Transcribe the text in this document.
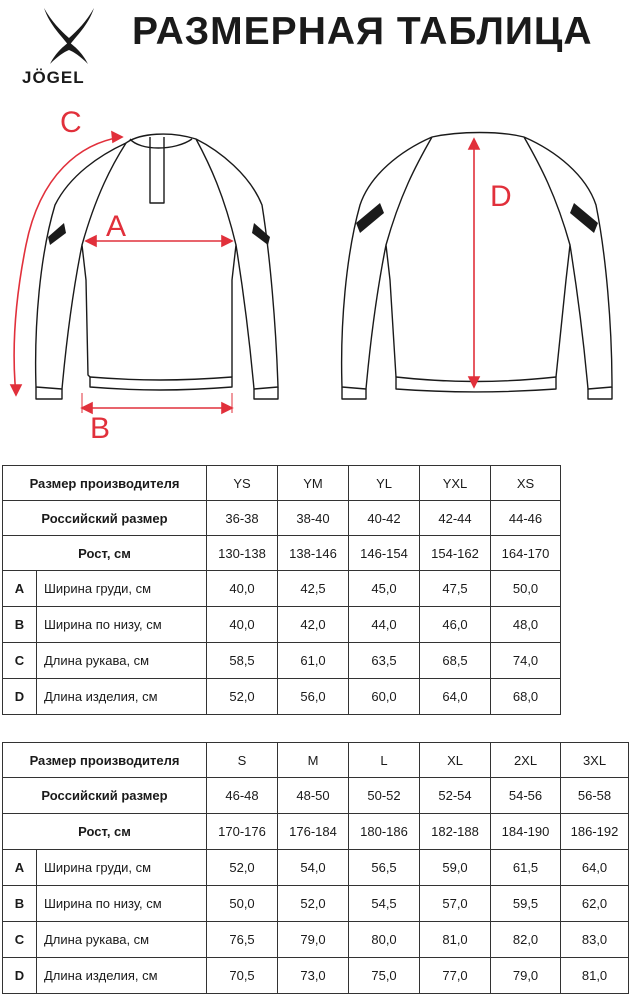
JÖGEL
РАЗМЕРНАЯ ТАБЛИЦА
A
B
C
D
Размер производителя		YS	YM	YL	YXL	XS
Российский размер		36-38	38-40	40-42	42-44	44-46
Рост, см		130-138	138-146	146-154	154-162	164-170
A	Ширина груди, см	40,0	42,5	45,0	47,5	50,0
B	Ширина по низу, см	40,0	42,0	44,0	46,0	48,0
C	Длина рукава, см	58,5	61,0	63,5	68,5	74,0
D	Длина изделия, см	52,0	56,0	60,0	64,0	68,0
Размер производителя		S	M	L	XL	2XL	3XL
Российский размер		46-48	48-50	50-52	52-54	54-56	56-58
Рост, см		170-176	176-184	180-186	182-188	184-190	186-192
A	Ширина груди, см	52,0	54,0	56,5	59,0	61,5	64,0
B	Ширина по низу, см	50,0	52,0	54,5	57,0	59,5	62,0
C	Длина рукава, см	76,5	79,0	80,0	81,0	82,0	83,0
D	Длина изделия, см	70,5	73,0	75,0	77,0	79,0	81,0
